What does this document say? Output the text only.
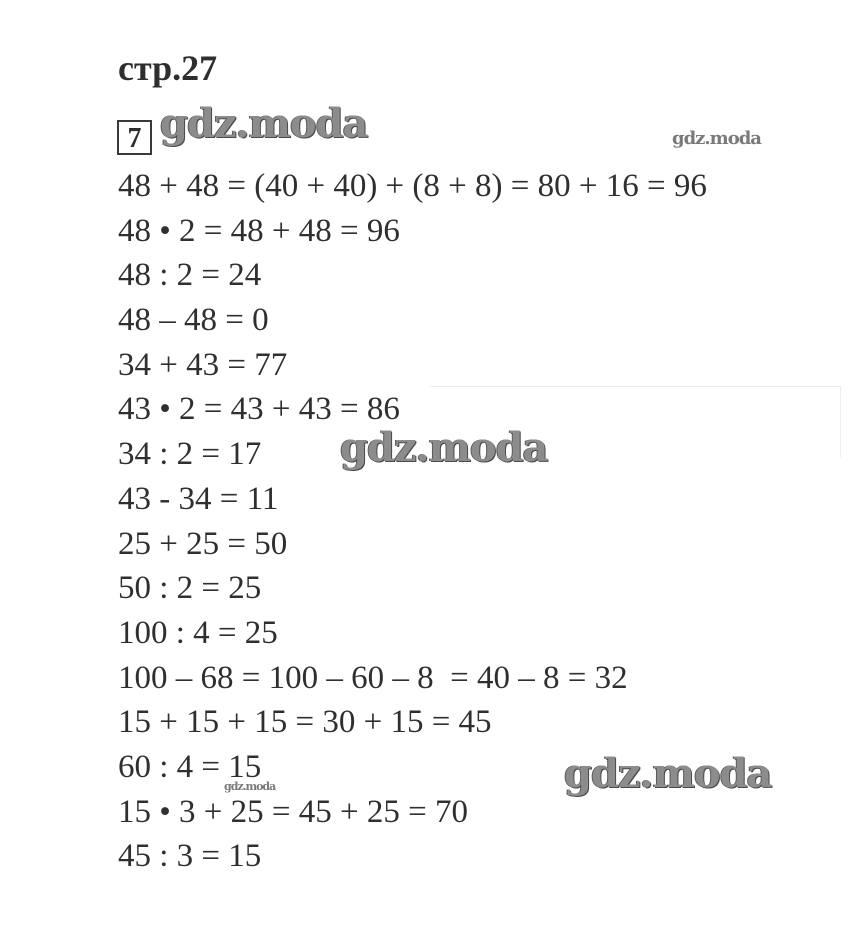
стр.27
7 gdz.moda	gdz.moda
48 + 48 = (40 + 40) + (8 + 8) = 80 + 16 = 96
48 • 2 = 48 + 48 = 96
48 : 2 = 24
48 – 48 = 0
34 + 43 = 77
43 • 2 = 43 + 43 = 86
34 : 2 = 17
43 - 34 = 11
25 + 25 = 50
50 : 2 = 25
100 : 4 = 25
100 – 68 = 100 – 60 – 8  = 40 – 8 = 32
15 + 15 + 15 = 30 + 15 = 45
60 : 4 = 15
15 • 3 + 25 = 45 + 25 = 70
45 : 3 = 15
gdz.moda
gdz.moda
gdz.moda
